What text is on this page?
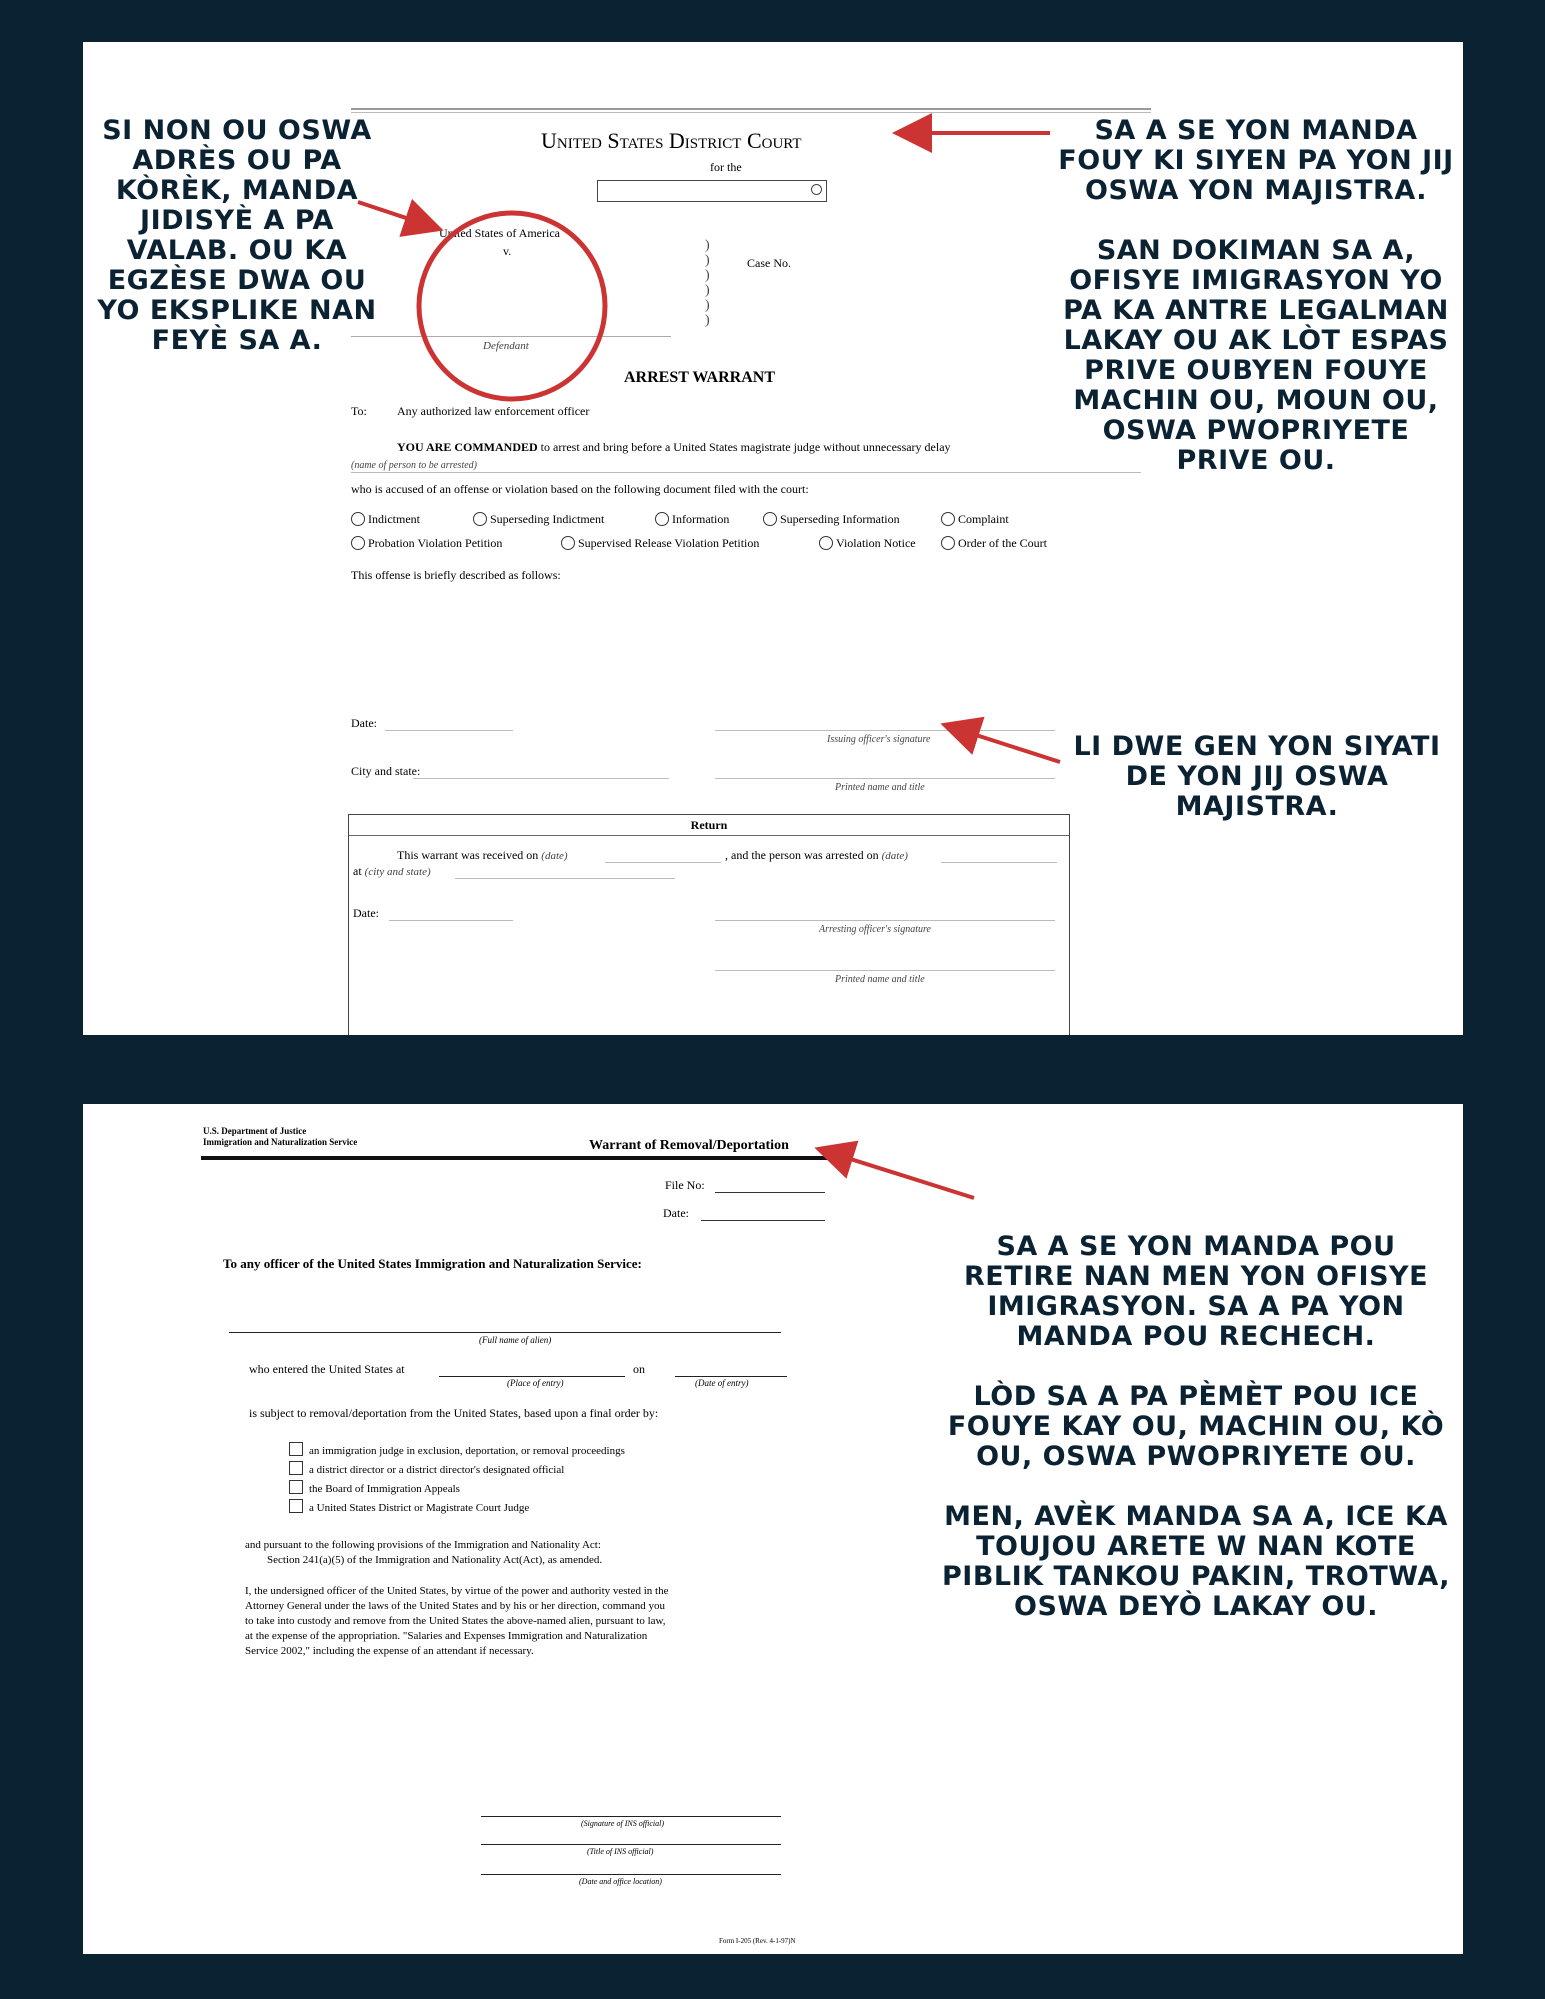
United States District Court
for the
United States of America
v.
Defendant
)
)
)
)
)
)
Case No.
ARREST WARRANT
To:	Any authorized law enforcement officer
YOU ARE COMMANDED to arrest and bring before a United States magistrate judge without unnecessary delay
(name of person to be arrested)
who is accused of an offense or violation based on the following document filed with the court:
Indictment	Superseding Indictment	Information	Superseding Information	Complaint
Probation Violation Petition	Supervised Release Violation Petition	Violation Notice	Order of the Court
This offense is briefly described as follows:
Date:
Issuing officer's signature
City and state:
Printed name and title
Return
This warrant was received on (date)	, and the person was arrested on (date)
at (city and state)
Date:
Arresting officer's signature
Printed name and title
U.S. Department of Justice
Immigration and Naturalization Service	Warrant of Removal/Deportation
File No:
Date:
To any officer of the United States Immigration and Naturalization Service:
(Full name of alien)
who entered the United States at
(Place of entry)
on
(Date of entry)
is subject to removal/deportation from the United States, based upon a final order by:
an immigration judge in exclusion, deportation, or removal proceedings
a district director or a district director's designated official
the Board of Immigration Appeals
a United States District or Magistrate Court Judge
and pursuant to the following provisions of the Immigration and Nationality Act:
Section 241(a)(5) of the Immigration and Nationality Act(Act), as amended.
I, the undersigned officer of the United States, by virtue of the power and authority vested in the
Attorney General under the laws of the United States and by his or her direction, command you
to take into custody and remove from the United States the above-named alien, pursuant to law,
at the expense of the appropriation. "Salaries and Expenses Immigration and Naturalization
Service 2002," including the expense of an attendant if necessary.
(Signature of INS official)
(Title of INS official)
(Date and office location)
Form I-205 (Rev. 4-1-97)N

SI NON OU OSWA ADRÈS OU PA KÒRÈK, MANDA JIDISYÈ A PA VALAB. OU KA EGZÈSE DWA OU YO EKSPLIKE NAN FEYÈ SA A.

SA A SE YON MANDA FOUY KI SIYEN PA YON JIJ OSWA YON MAJISTRA.

SAN DOKIMAN SA A, OFISYE IMIGRASYON YO PA KA ANTRE LEGALMAN LAKAY OU AK LÒT ESPAS PRIVE OUBYEN FOUYE MACHIN OU, MOUN OU, OSWA PWOPRIYETE PRIVE OU.

LI DWE GEN YON SIYATI DE YON JIJ OSWA MAJISTRA.

SA A SE YON MANDA POU RETIRE NAN MEN YON OFISYE IMIGRASYON. SA A PA YON MANDA POU RECHECH.

LÒD SA A PA PÈMÈT POU ICE FOUYE KAY OU, MACHIN OU, KÒ OU, OSWA PWOPRIYETE OU.

MEN, AVÈK MANDA SA A, ICE KA TOUJOU ARETE W NAN KOTE PIBLIK TANKOU PAKIN, TROTWA, OSWA DEYÒ LAKAY OU.
